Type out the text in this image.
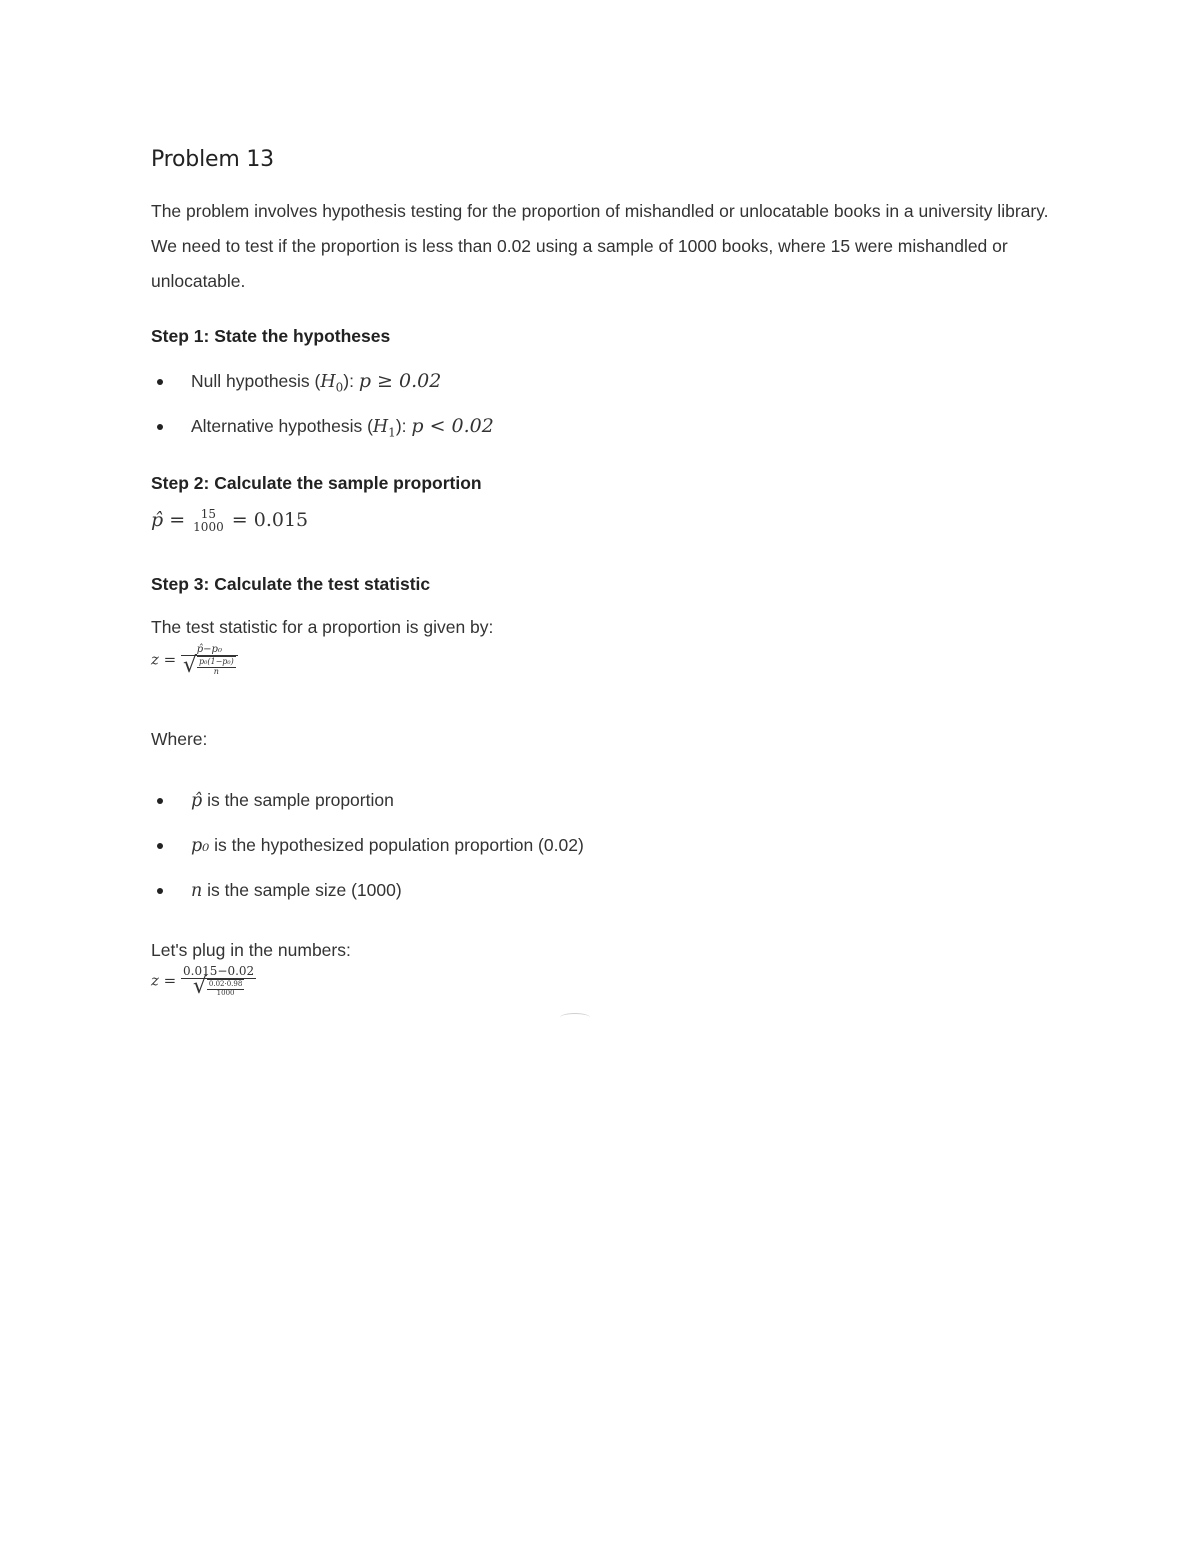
Problem 13
The problem involves hypothesis testing for the proportion of mishandled or unlocatable books in a university library. We need to test if the proportion is less than 0.02 using a sample of 1000 books, where 15 were mishandled or unlocatable.
Step 1: State the hypotheses
Null hypothesis $(H_0)$: p ≥ 0.02
Alternative hypothesis $(H_1)$: p < 0.02
Step 2: Calculate the sample proportion
p̂ =	15
1000 = 0.015
Step 3: Calculate the test statistic
The test statistic for a proportion is given by:
$z = \frac{\text{p̂−p₀}}{√ \frac{\text{p₀(1−p₀)}}{n}}$
Where:
p̂ is the sample proportion
p₀ is the hypothesized population proportion (0.02)
n is the sample size (1000)
Let's plug in the numbers:
$z = \frac{0.015-0.02}{√ \frac{0.02\cdot 0.98}{1000}}$
